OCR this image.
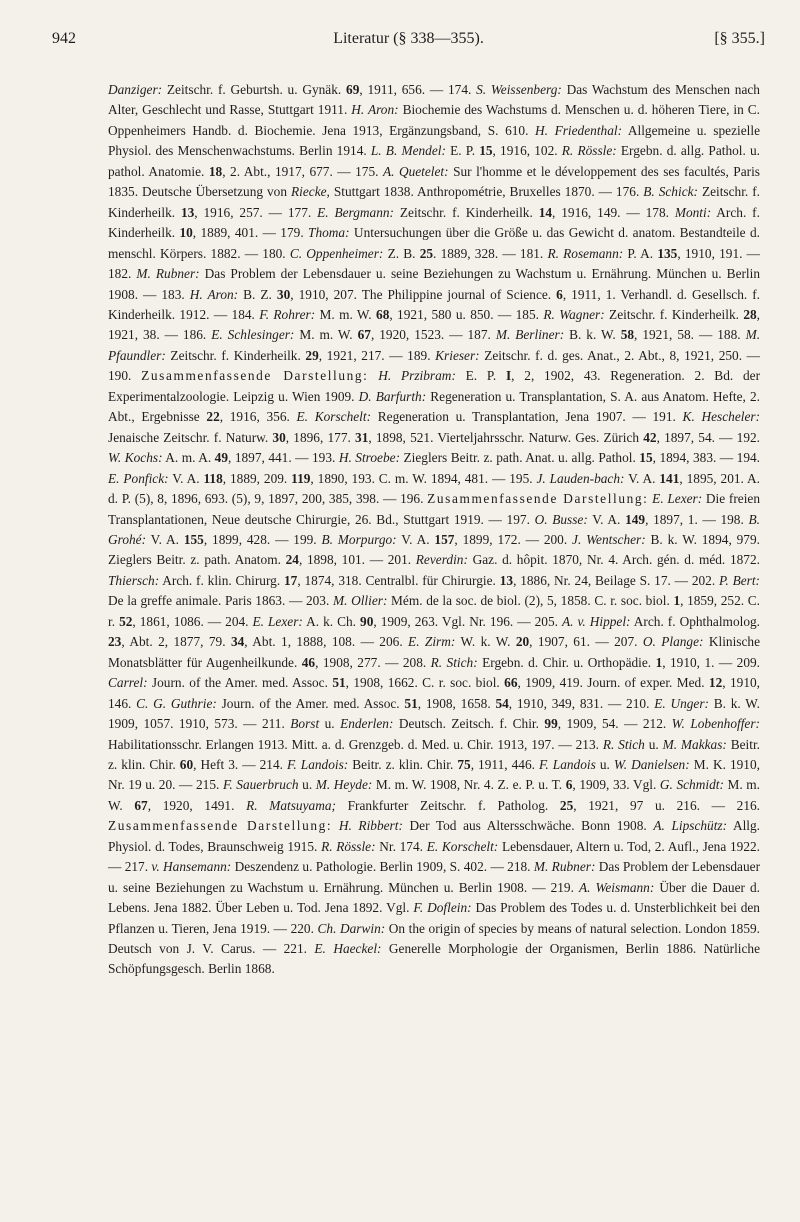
942	Literatur (§ 338—355).	[§ 355.]
Danziger: Zeitschr. f. Geburtsh. u. Gynäk. 69, 1911, 656. — 174. S. Weissenberg: Das Wachstum des Menschen nach Alter, Geschlecht und Rasse, Stuttgart 1911. H. Aron: Biochemie des Wachstums d. Menschen u. d. höheren Tiere, in C. Oppenheimers Handb. d. Biochemie. Jena 1913, Ergänzungsband, S. 610. H. Friedenthal: Allgemeine u. spezielle Physiol. des Menschenwachstums. Berlin 1914. L. B. Mendel: E. P. 15, 1916, 102. R. Rössle: Ergebn. d. allg. Pathol. u. pathol. Anatomie. 18, 2. Abt., 1917, 677. — 175. A. Quetelet: Sur l'homme et le développement des ses facultés, Paris 1835. Deutsche Übersetzung von Riecke, Stuttgart 1838. Anthropométrie, Bruxelles 1870. — 176. B. Schick: Zeitschr. f. Kinderheilk. 13, 1916, 257. — 177. E. Bergmann: Zeitschr. f. Kinderheilk. 14, 1916, 149. — 178. Monti: Arch. f. Kinderheilk. 10, 1889, 401. — 179. Thoma: Untersuchungen über die Größe u. das Gewicht d. anatom. Bestandteile d. menschl. Körpers. 1882. — 180. C. Oppenheimer: Z. B. 25. 1889, 328. — 181. R. Rosemann: P. A. 135, 1910, 191. — 182. M. Rubner: Das Problem der Lebensdauer u. seine Beziehungen zu Wachstum u. Ernährung. München u. Berlin 1908. — 183. H. Aron: B. Z. 30, 1910, 207. The Philippine journal of Science. 6, 1911, 1. Verhandl. d. Gesellsch. f. Kinderheilk. 1912. — 184. F. Rohrer: M. m. W. 68, 1921, 580 u. 850. — 185. R. Wagner: Zeitschr. f. Kinderheilk. 28, 1921, 38. — 186. E. Schlesinger: M. m. W. 67, 1920, 1523. — 187. M. Berliner: B. k. W. 58, 1921, 58. — 188. M. Pfaundler: Zeitschr. f. Kinderheilk. 29, 1921, 217. — 189. Krieser: Zeitschr. f. d. ges. Anat., 2. Abt., 8, 1921, 250. — 190. Zusammenfassende Darstellung: H. Przibram: E. P. I, 2, 1902, 43. Regeneration. 2. Bd. der Experimentalzoologie. Leipzig u. Wien 1909. D. Barfurth: Regeneration u. Transplantation, S. A. aus Anatom. Hefte, 2. Abt., Ergebnisse 22, 1916, 356. E. Korschelt: Regeneration u. Transplantation, Jena 1907. — 191. K. Hescheler: Jenaische Zeitschr. f. Naturw. 30, 1896, 177. 31, 1898, 521. Vierteljahrsschr. Naturw. Ges. Zürich 42, 1897, 54. — 192. W. Kochs: A. m. A. 49, 1897, 441. — 193. H. Stroebe: Zieglers Beitr. z. path. Anat. u. allg. Pathol. 15, 1894, 383. — 194. E. Ponfick: V. A. 118, 1889, 209. 119, 1890, 193. C. m. W. 1894, 481. — 195. J. Lauden-bach: V. A. 141, 1895, 201. A. d. P. (5), 8, 1896, 693. (5), 9, 1897, 200, 385, 398. — 196. Zusammenfassende Darstellung: E. Lexer: Die freien Transplantationen, Neue deutsche Chirurgie, 26. Bd., Stuttgart 1919. — 197. O. Busse: V. A. 149, 1897, 1. — 198. B. Grohé: V. A. 155, 1899, 428. — 199. B. Morpurgo: V. A. 157, 1899, 172. — 200. J. Wentscher: B. k. W. 1894, 979. Zieglers Beitr. z. path. Anatom. 24, 1898, 101. — 201. Reverdin: Gaz. d. hôpit. 1870, Nr. 4. Arch. gén. d. méd. 1872. Thiersch: Arch. f. klin. Chirurg. 17, 1874, 318. Centralbl. für Chirurgie. 13, 1886, Nr. 24, Beilage S. 17. — 202. P. Bert: De la greffe animale. Paris 1863. — 203. M. Ollier: Mém. de la soc. de biol. (2), 5, 1858. C. r. soc. biol. 1, 1859, 252. C. r. 52, 1861, 1086. — 204. E. Lexer: A. k. Ch. 90, 1909, 263. Vgl. Nr. 196. — 205. A. v. Hippel: Arch. f. Ophthalmolog. 23, Abt. 2, 1877, 79. 34, Abt. 1, 1888, 108. — 206. E. Zirm: W. k. W. 20, 1907, 61. — 207. O. Plange: Klinische Monatsblätter für Augenheilkunde. 46, 1908, 277. — 208. R. Stich: Ergebn. d. Chir. u. Orthopädie. 1, 1910, 1. — 209. Carrel: Journ. of the Amer. med. Assoc. 51, 1908, 1662. C. r. soc. biol. 66, 1909, 419. Journ. of exper. Med. 12, 1910, 146. C. G. Guthrie: Journ. of the Amer. med. Assoc. 51, 1908, 1658. 54, 1910, 349, 831. — 210. E. Unger: B. k. W. 1909, 1057. 1910, 573. — 211. Borst u. Enderlen: Deutsch. Zeitsch. f. Chir. 99, 1909, 54. — 212. W. Lobenhoffer: Habilitationsschr. Erlangen 1913. Mitt. a. d. Grenzgeb. d. Med. u. Chir. 1913, 197. — 213. R. Stich u. M. Makkas: Beitr. z. klin. Chir. 60, Heft 3. — 214. F. Landois: Beitr. z. klin. Chir. 75, 1911, 446. F. Landois u. W. Danielsen: M. K. 1910, Nr. 19 u. 20. — 215. F. Sauerbruch u. M. Heyde: M. m. W. 1908, Nr. 4. Z. e. P. u. T. 6, 1909, 33. Vgl. G. Schmidt: M. m. W. 67, 1920, 1491. R. Matsuyama; Frankfurter Zeitschr. f. Patholog. 25, 1921, 97 u. 216. — 216. Zusammenfassende Darstellung: H. Ribbert: Der Tod aus Altersschwäche. Bonn 1908. A. Lipschütz: Allg. Physiol. d. Todes, Braunschweig 1915. R. Rössle: Nr. 174. E. Korschelt: Lebensdauer, Altern u. Tod, 2. Aufl., Jena 1922. — 217. v. Hansemann: Deszendenz u. Pathologie. Berlin 1909, S. 402. — 218. M. Rubner: Das Problem der Lebensdauer u. seine Beziehungen zu Wachstum u. Ernährung. München u. Berlin 1908. — 219. A. Weismann: Über die Dauer d. Lebens. Jena 1882. Über Leben u. Tod. Jena 1892. Vgl. F. Doflein: Das Problem des Todes u. d. Unsterblichkeit bei den Pflanzen u. Tieren, Jena 1919. — 220. Ch. Darwin: On the origin of species by means of natural selection. London 1859. Deutsch von J. V. Carus. — 221. E. Haeckel: Generelle Morphologie der Organismen, Berlin 1886. Natürliche Schöpfungsgesch. Berlin 1868.
